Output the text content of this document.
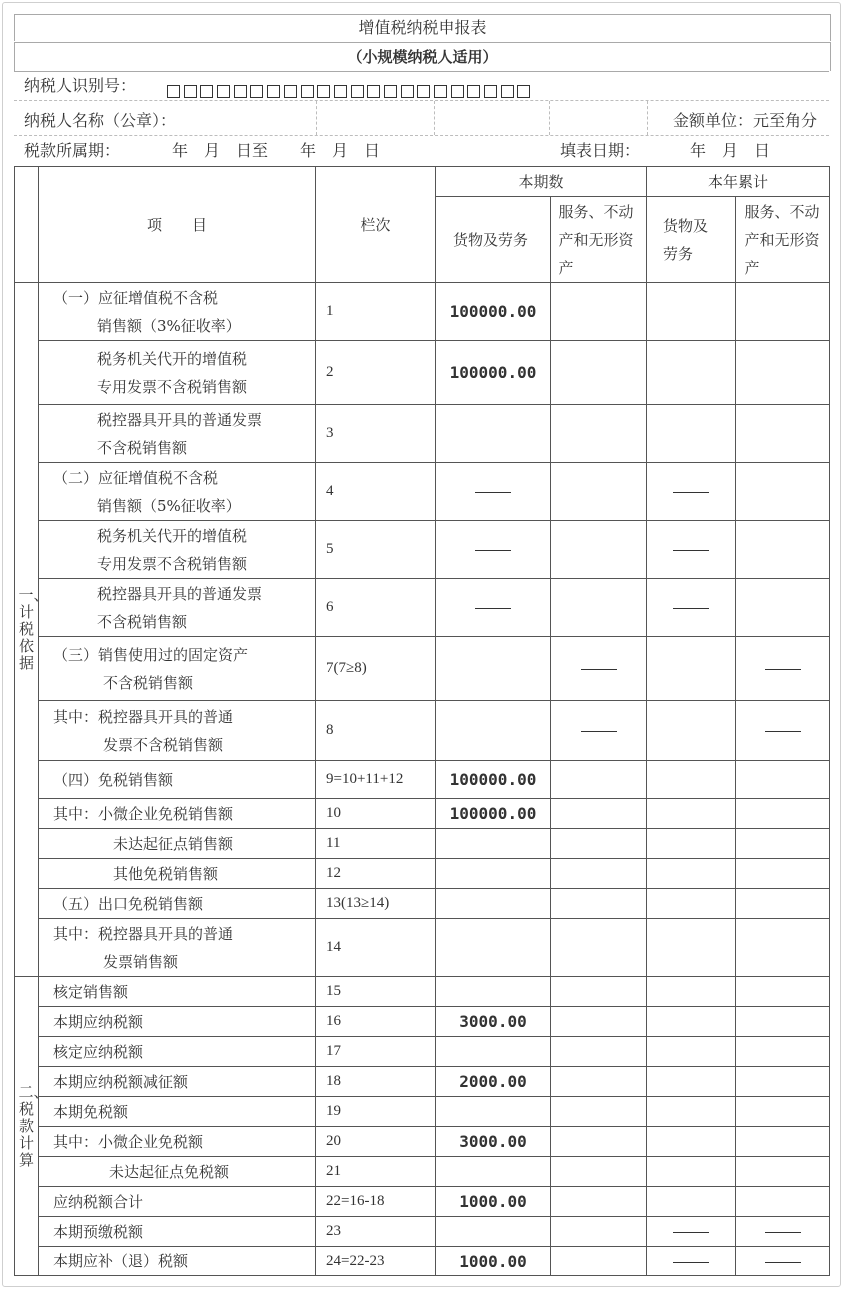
增值税纳税申报表
（小规模纳税人适用）
纳税人识别号：
纳税人名称（公章）：	金额单位：元至角分
税款所属期：	年　月　日至　　年　月　日	填表日期：	年　月　日
	项　　目	栏次	本期数		本年累计	

			货物及劳务	服务、不动产和无形资产	货物及劳务	服务、不动产和无形资产

一、计税依据	（一）应征增值税不含税
销售额（3%征收率）	1	100000.00			

	税务机关代开的增值税
专用发票不含税销售额	2	100000.00			

	税控器具开具的普通发票
不含税销售额	3				

	（二）应征增值税不含税
销售额（5%征收率）	4				

	税务机关代开的增值税
专用发票不含税销售额	5				

	税控器具开具的普通发票
不含税销售额	6				

	（三）销售使用过的固定资产
不含税销售额	7(7≥8)				

	其中：税控器具开具的普通
发票不含税销售额	8				

	（四）免税销售额	9=10+11+12	100000.00			

	其中：小微企业免税销售额	10	100000.00			

	未达起征点销售额	11				

	其他免税销售额	12				

	（五）出口免税销售额	13(13≥14)				

	其中：税控器具开具的普通
发票销售额	14				

二、税款计算	核定销售额	15				

	本期应纳税额	16	3000.00			

	核定应纳税额	17				

	本期应纳税额减征额	18	2000.00			

	本期免税额	19				

	其中：小微企业免税额	20	3000.00			

	未达起征点免税额	21				

	应纳税额合计	22=16-18	1000.00			

	本期预缴税额	23				

	本期应补（退）税额	24=22-23	1000.00			
